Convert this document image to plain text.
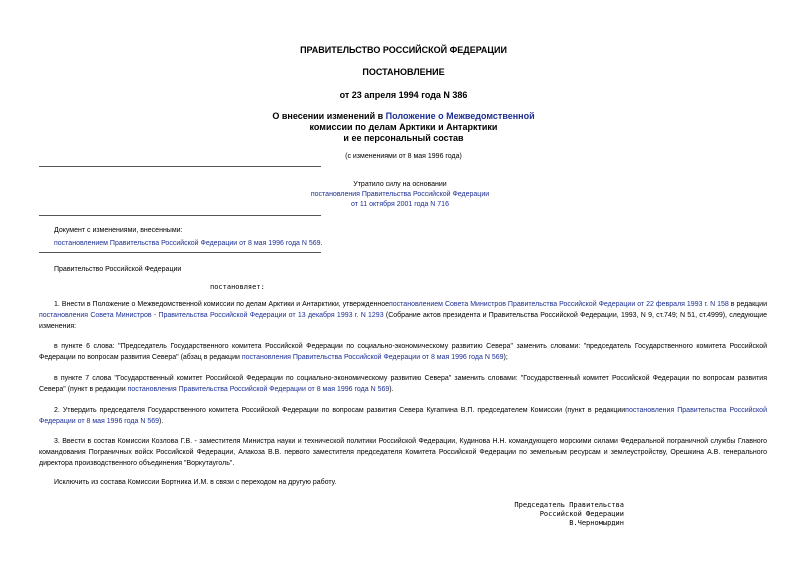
ПРАВИТЕЛЬСТВО РОССИЙСКОЙ ФЕДЕРАЦИИ
ПОСТАНОВЛЕНИЕ
от 23 апреля 1994 года N 386
О внесении изменений в Положение о Межведомственной
комиссии по делам Арктики и Антарктики
и ее персональный состав
(с изменениями от 8 мая 1996 года)
Утратило силу на основании
постановления Правительства Российской Федерации
от 11 октября 2001 года N 716
Документ с изменениями, внесенными:
постановлением Правительства Российской Федерации от 8 мая 1996 года N 569.
Правительство Российской Федерации
постановляет:
1. Внести в Положение о Межведомственной комиссии по делам Арктики и Антарктики, утвержденноепостановлением Совета Министров Правительства Российской Федерации от 22 февраля 1993 г. N 158 в редакции постановления Совета Министров - Правительства Российской Федерации от 13 декабря 1993 г. N 1293 (Собрание актов президента и Правительства Российской Федерации, 1993, N 9, ст.749; N 51, ст.4999), следующие изменения:
в пункте 6 слова: "Председатель Государственного комитета Российской Федерации по социально-экономическому развитию Севера" заменить словами: "председатель Государственного комитета Российской Федерации по вопросам развития Севера" (абзац в редакции постановления Правительства Российской Федерации от 8 мая 1996 года N 569);
в пункте 7 слова "Государственный комитет Российской Федерации по социально-экономическому развитию Севера" заменить словами: "Государственный комитет Российской Федерации по вопросам развития Севера" (пункт в редакции постановления Правительства Российской Федерации от 8 мая 1996 года N 569).
2. Утвердить председателя Государственного комитета Российской Федерации по вопросам развития Севера Куramина В.П. председателем Комиссии (пункт в редакциипостановления Правительства Российской Федерации от 8 мая 1996 года N 569).
3. Ввести в состав Комиссии Козлова Г.В. - заместителя Министра науки и технической политики Российской Федерации, Кудинова Н.Н. командующего морскими силами Федеральной пограничной службы Главного командования Пограничных войск Российской Федерации, Алакоза В.В. первого заместителя председателя Комитета Российской Федерации по земельным ресурсам и землеустройству, Орешкина А.В. генерального директора производственного объединения "Воркутауголь".
Исключить из состава Комиссии Бортника И.М. в связи с переходом на другую работу.
Председатель Правительства
Российской Федерации
В.Черномырдин
